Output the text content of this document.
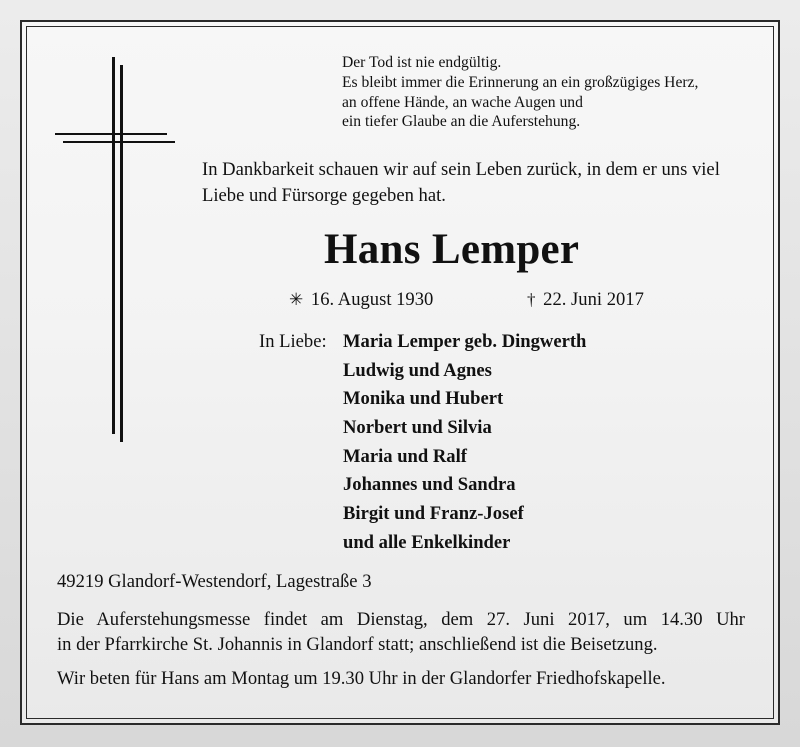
Der Tod ist nie endgültig.
Es bleibt immer die Erinnerung an ein großzügiges Herz,
an offene Hände, an wache Augen und
ein tiefer Glaube an die Auferstehung.

In Dankbarkeit schauen wir auf sein Leben zurück, in dem er uns viel Liebe und Fürsorge gegeben hat.

Hans Lemper
✳ 16. August 1930	† 22. Juni 2017
In Liebe: Maria Lemper geb. Dingwerth
Ludwig und Agnes
Monika und Hubert
Norbert und Silvia
Maria und Ralf
Johannes und Sandra
Birgit und Franz-Josef
und alle Enkelkinder
49219 Glandorf-Westendorf, Lagestraße 3
Die Auferstehungsmesse findet am Dienstag, dem 27. Juni 2017, um 14.30 Uhr
in der Pfarrkirche St. Johannis in Glandorf statt; anschließend ist die Beisetzung.
Wir beten für Hans am Montag um 19.30 Uhr in der Glandorfer Friedhofskapelle.
